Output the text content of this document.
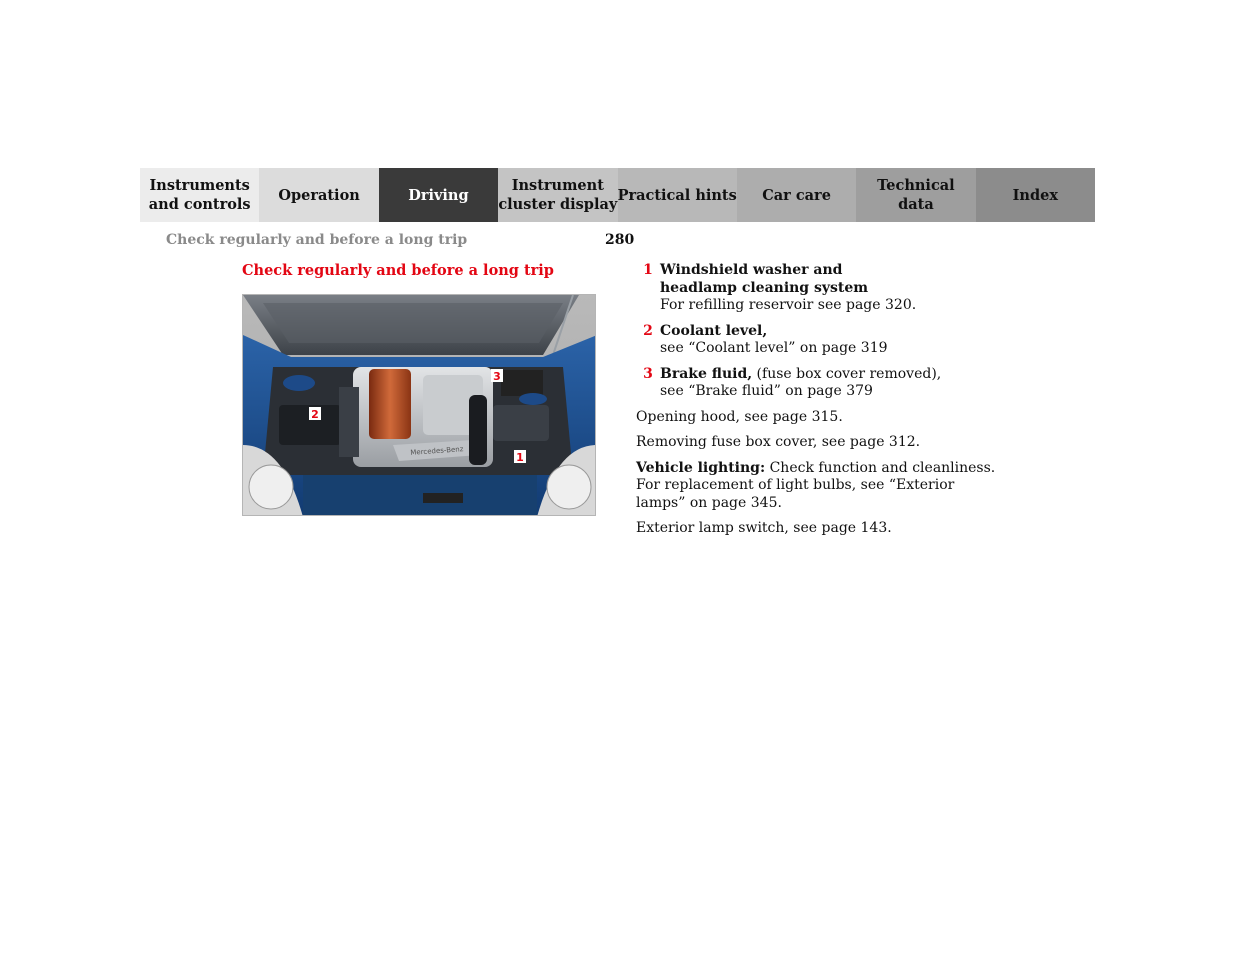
Instruments
and controls
Operation	Driving
Instrument
cluster display
Practical hints	Car care
Technical
data
Index
Check regularly and before a long trip	280
Check regularly and before a long trip
Mercedes-Benz	1
2
3
1 Windshield washer and
headlamp cleaning system
For refilling reservoir see page 320.
2 Coolant level,
see “Coolant level” on page 319
3 Brake fluid, (fuse box cover removed),
see “Brake fluid” on page 379

Opening hood, see page 315.

Removing fuse box cover, see page 312.

Vehicle lighting: Check function and cleanliness. For replacement of light bulbs, see “Exterior lamps” on page 345.

Exterior lamp switch, see page 143.
